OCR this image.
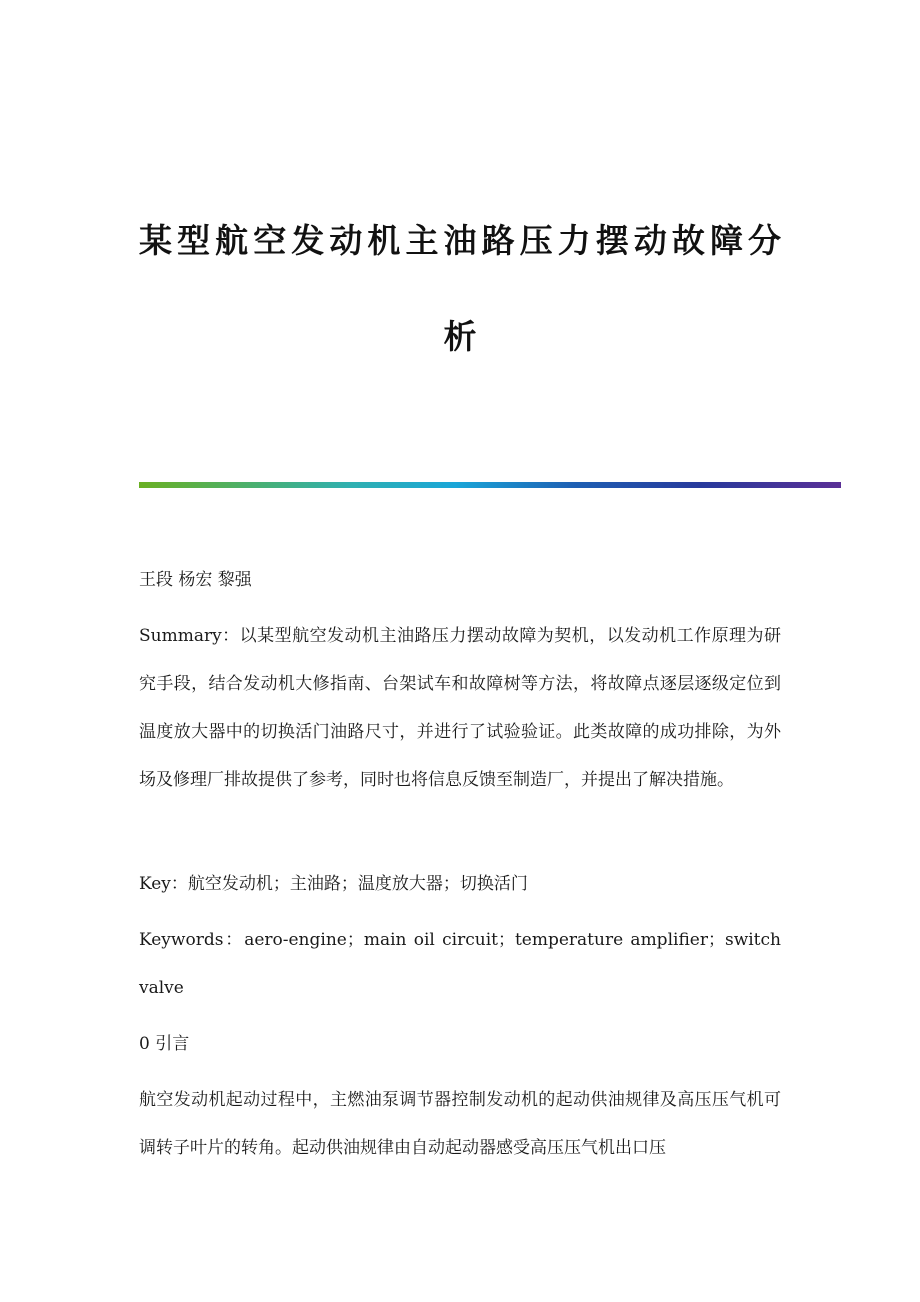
某型航空发动机主油路压力摆动故障分
析

王段 杨宏 黎强

Summary：以某型航空发动机主油路压力摆动故障为契机，以发动机工作原理为研究手段，结合发动机大修指南、台架试车和故障树等方法，将故障点逐层逐级定位到温度放大器中的切换活门油路尺寸，并进行了试验验证。此类故障的成功排除，为外场及修理厂排故提供了参考，同时也将信息反馈至制造厂，并提出了解决措施。

Key：航空发动机；主油路；温度放大器；切换活门

Keywords：aero-engine；main oil circuit；temperature amplifier；switch valve

0 引言

航空发动机起动过程中，主燃油泵调节器控制发动机的起动供油规律及高压压气机可调转子叶片的转角。起动供油规律由自动起动器感受高压压气机出口压
